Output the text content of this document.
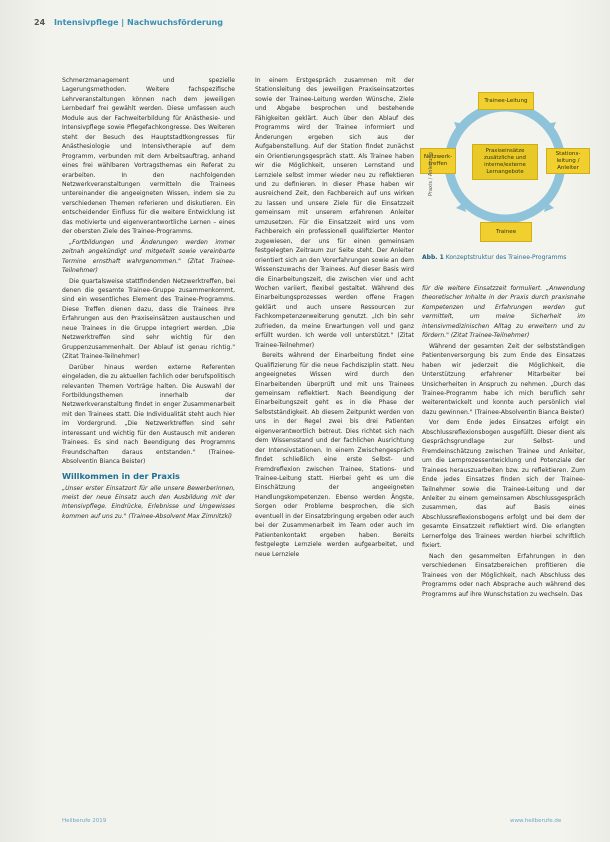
24 Intensivpflege | Nachwuchsförderung

Schmerzmanagement und spezielle Lagerungsmethoden. Weitere fachspezifische Lehrveranstaltungen können nach dem jeweiligen Lernbedarf frei gewählt werden. Diese umfassen auch Module aus der Fachweiterbildung für Anästhesie- und Intensivpflege sowie Pflegefachkongresse. Des Weiteren steht der Besuch des Hauptstadtkongresses für Anästhesiologie und Intensivtherapie auf dem Programm, verbunden mit dem Arbeitsauftrag, anhand eines frei wählbaren Vortragsthemas ein Referat zu erarbeiten. In den nachfolgenden Netzwerkveranstaltungen vermitteln die Trainees untereinander die angeeigneten Wissen, indem sie zu verschiedenen Themen referieren und diskutieren. Ein entscheidender Einfluss für die weitere Entwicklung ist das motivierte und eigenverantwortliche Lernen – eines der obersten Ziele des Trainee-Programms.

„Fortbildungen und Änderungen werden immer zeitnah angekündigt und mitgeteilt sowie vereinbarte Termine ernsthaft wahrgenommen." (Zitat Trainee-Teilnehmer)

Die quartalsweise stattfindenden Netzwerktreffen, bei denen die gesamte Trainee-Gruppe zusammenkommt, sind ein wesentliches Element des Trainee-Programms. Diese Treffen dienen dazu, dass die Trainees ihre Erfahrungen aus den Praxiseinsätzen austauschen und neue Trainees in die Gruppe integriert werden. „Die Netzwerktreffen sind sehr wichtig für den Gruppenzusammenhalt. Der Ablauf ist genau richtig." (Zitat Trainee-Teilnehmer)

Darüber hinaus werden externe Referenten eingeladen, die zu aktuellen fachlich oder berufspolitisch relevanten Themen Vorträge halten. Die Auswahl der Fortbildungsthemen innerhalb der Netzwerkveranstaltung findet in enger Zusammenarbeit mit den Trainees statt. Die Individualität steht auch hier im Vordergrund. „Die Netzwerktreffen sind sehr interessant und wichtig für den Austausch mit anderen Trainees. Es sind nach Beendigung des Programms Freundschaften daraus entstanden." (Trainee-Absolventin Bianca Beister)

Willkommen in der Praxis

„Unser erster Einsatzort für alle unsere Bewerberinnen, meist der neue Einsatz auch den Ausbildung mit der Intensivpflege. Eindrücke, Erlebnisse und Ungewisses kommen auf uns zu." (Trainee-Absolvent Max Zimnitzki)

In einem Erstgespräch zusammen mit der Stationsleitung des jeweiligen Praxiseinsatzortes sowie der Trainee-Leitung werden Wünsche, Ziele und Abgabe besprochen und bestehende Fähigkeiten geklärt. Auch über den Ablauf des Programms wird der Trainee informiert und Änderungen ergeben sich aus der Aufgabenstellung. Auf der Station findet zunächst ein Orientierungsgespräch statt. Als Trainee haben wir die Möglichkeit, unseren Lernstand und Lernziele selbst immer wieder neu zu reflektieren und zu definieren. In dieser Phase haben wir ausreichend Zeit, den Fachbereich auf uns wirken zu lassen und unsere Ziele für die Einsatzzeit gemeinsam mit unserem erfahrenen Anleiter umzusetzen. Für die Einsatzzeit wird uns vom Fachbereich ein professionell qualifizierter Mentor zugewiesen, der uns für einen gemeinsam festgelegten Zeitraum zur Seite steht. Der Anleiter orientiert sich an den Vorerfahrungen sowie an dem Wissenszuwachs der Trainees. Auf dieser Basis wird die Einarbeitungszeit, die zwischen vier und acht Wochen variiert, flexibel gestaltet. Während des Einarbeitungsprozesses werden offene Fragen geklärt und auch unsere Ressourcen zur Fachkompetenzerweiterung genutzt. „Ich bin sehr zufrieden, da meine Erwartungen voll und ganz erfüllt wurden. Ich werde voll unterstützt." (Zitat Trainee-Teilnehmer)

Bereits während der Einarbeitung findet eine Qualifizierung für die neue Fachdisziplin statt. Neu angeeignetes Wissen wird durch den Einarbeitenden überprüft und mit uns Trainees gemeinsam reflektiert. Nach Beendigung der Einarbeitungszeit geht es in die Phase der Selbstständigkeit. Ab diesem Zeitpunkt werden von uns in der Regel zwei bis drei Patienten eigenverantwortlich betreut. Dies richtet sich nach dem Wissensstand und der fachlichen Ausrichtung der Intensivstationen. In einem Zwischengespräch findet schließlich eine erste Selbst- und Fremdreflexion zwischen Trainee, Stations- und Trainee-Leitung statt. Hierbei geht es um die Einschätzung der angeeigneten Handlungskompetenzen. Ebenso werden Ängste, Sorgen oder Probleme besprochen, die sich eventuell in der Einsatzbringung ergeben oder auch bei der Zusammenarbeit im Team oder auch im Patientenkontakt ergeben haben. Bereits festgelegte Lernziele werden aufgearbeitet, und neue Lernziele

Trainee-Leitung
Netzwerk-treffen
Stations-leitung / Anleiter
Trainee
Praxiseinsätze zusätzliche und interne/externe Lernangebote
Praxis / Anleitung
Abb. 1 Konzeptstruktur des Trainee-Programms

für die weitere Einsatzzeit formuliert. „Anwendung theoretischer Inhalte in der Praxis durch praxisnahe Kompetenzen und Erfahrungen werden gut vermittelt, um meine Sicherheit im intensivmedizinischen Alltag zu erweitern und zu fördern." (Zitat Trainee-Teilnehmer)

Während der gesamten Zeit der selbstständigen Patientenversorgung bis zum Ende des Einsatzes haben wir jederzeit die Möglichkeit, die Unterstützung erfahrener Mitarbeiter bei Unsicherheiten in Anspruch zu nehmen. „Durch das Trainee-Programm habe ich mich beruflich sehr weiterentwickelt und konnte auch persönlich viel dazu gewinnen." (Trainee-Absolventin Bianca Beister)

Vor dem Ende jedes Einsatzes erfolgt ein Abschlussreflexionsbogen ausgefüllt. Dieser dient als Gesprächsgrundlage zur Selbst- und Fremdeinschätzung zwischen Trainee und Anleiter, um die Lernprozessentwicklung und Potenziale der Trainees herauszuarbeiten bzw. zu reflektieren. Zum Ende jedes Einsatzes finden sich der Trainee-Teilnehmer sowie die Trainee-Leitung und der Anleiter zu einem gemeinsamen Abschlussgespräch zusammen, das auf Basis eines Abschlussreflexionsbogens erfolgt und bei dem der gesamte Einsatzzeit reflektiert wird. Die erlangten Lernerfolge des Trainees werden hierbei schriftlich fixiert.

Nach den gesammelten Erfahrungen in den verschiedenen Einsatzbereichen profitieren die Trainees von der Möglichkeit, nach Abschluss des Programms oder nach Absprache auch während des Programms auf ihre Wunschstation zu wechseln. Das

Heilberufe 2019	www.heilberufe.de
